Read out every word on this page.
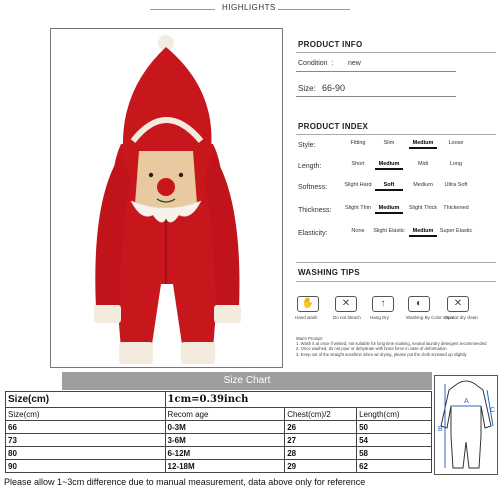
HIGHLIGHTS
PRODUCT INFO
Condition  : new
Size: 66-90
PRODUCT INDEX
Style:	Fitting	Slim	Medium	Loose
Length:	Short	Medium	Midi	Long
Softness:	Slight Hard	Soft	Medium	Ultra Soft
Thickness:	Slight Thin	Medium	Slight Thick	Thickened
Elasticity:	None	Slight Elastic	Medium	Super Elastic
WASHING TIPS
✋
Hand wash
✕
Do not bleach
↑
Hang Dry
◐
Washing By Color separ
✕
Do not dry clean
Warm Prompt:
1. Wash it at once if wetted, not suitable for long time soaking, neutral laundry detergent recommended
2. Once washed, do not pour or dehydrate with brute force in case of deformation
3. Keep out of the straight sunshine when air drying, please put the cloth screwed up slightly
Size Chart
Size(cm)	1cm=0.39inch		
Size(cm)	Recom age	Chest(cm)/2	Length(cm)
66	0-3M	26	50
73	3-6M	27	54
80	6-12M	28	58
90	12-18M	29	62
A
B
C
Please allow 1~3cm difference due to manual measurement, data above only for reference
